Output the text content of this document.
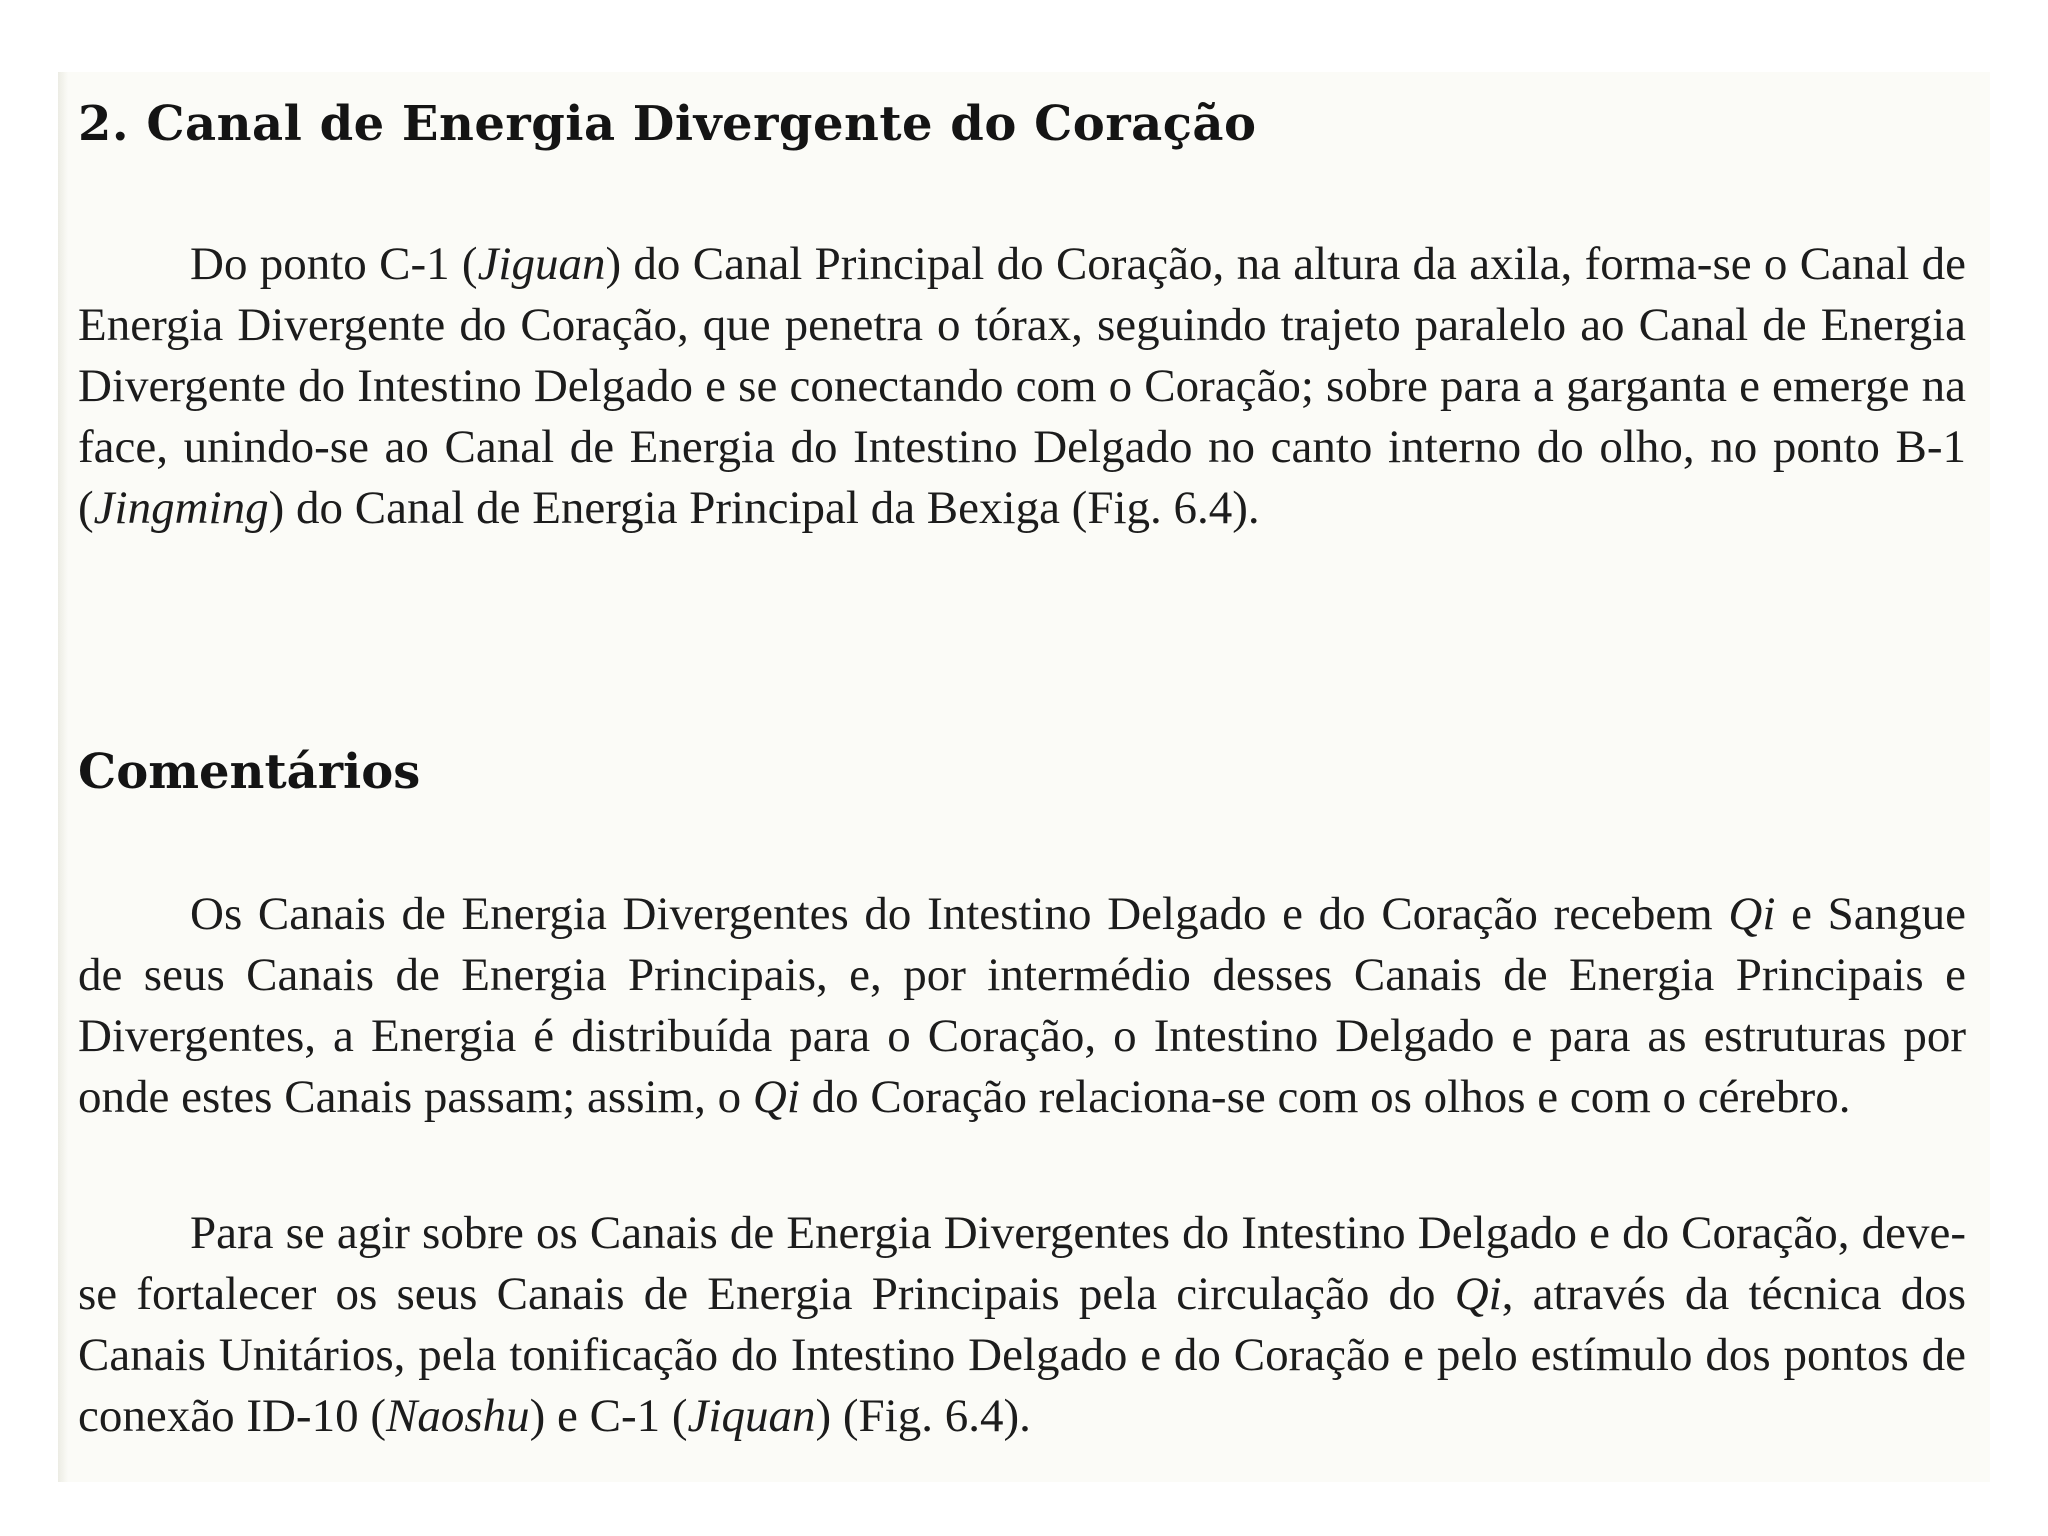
2. Canal de Energia Divergente do Coração

Do ponto C-1 (Jiguan) do Canal Principal do Coração, na altura da axila, forma-se o Canal de Energia Divergente do Coração, que penetra o tórax, seguindo trajeto paralelo ao Canal de Energia Divergente do Intestino Delgado e se conectando com o Coração; sobre para a garganta e emerge na face, unindo-se ao Canal de Energia do Intestino Delgado no canto interno do olho, no ponto B-1 (Jingming) do Canal de Energia Principal da Bexiga (Fig. 6.4).

Comentários

Os Canais de Energia Divergentes do Intestino Delgado e do Coração recebem Qi e Sangue de seus Canais de Energia Principais, e, por intermédio desses Canais de Energia Principais e Divergentes, a Energia é distribuída para o Coração, o Intestino Delgado e para as estruturas por onde estes Canais passam; assim, o Qi do Coração relaciona-se com os olhos e com o cérebro.

Para se agir sobre os Canais de Energia Divergentes do Intestino Delgado e do Coração, deve-se fortalecer os seus Canais de Energia Principais pela circulação do Qi, através da técnica dos Canais Unitários, pela tonificação do Intestino Delgado e do Coração e pelo estímulo dos pontos de conexão ID-10 (Naoshu) e C-1 (Jiquan) (Fig. 6.4).
